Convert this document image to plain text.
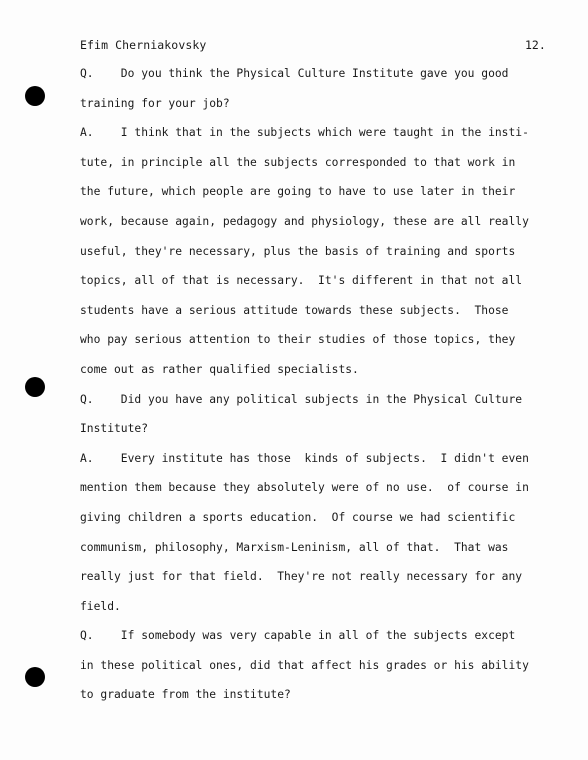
Efim Cherniakovsky	12.
Q.    Do you think the Physical Culture Institute gave you good
training for your job?
A.    I think that in the subjects which were taught in the insti-
tute, in principle all the subjects corresponded to that work in
the future, which people are going to have to use later in their
work, because again, pedagogy and physiology, these are all really
useful, they're necessary, plus the basis of training and sports
topics, all of that is necessary.  It's different in that not all
students have a serious attitude towards these subjects.  Those
who pay serious attention to their studies of those topics, they
come out as rather qualified specialists.
Q.    Did you have any political subjects in the Physical Culture
Institute?
A.    Every institute has those  kinds of subjects.  I didn't even
mention them because they absolutely were of no use.  of course in
giving children a sports education.  Of course we had scientific
communism, philosophy, Marxism-Leninism, all of that.  That was
really just for that field.  They're not really necessary for any
field.
Q.    If somebody was very capable in all of the subjects except
in these political ones, did that affect his grades or his ability
to graduate from the institute?
